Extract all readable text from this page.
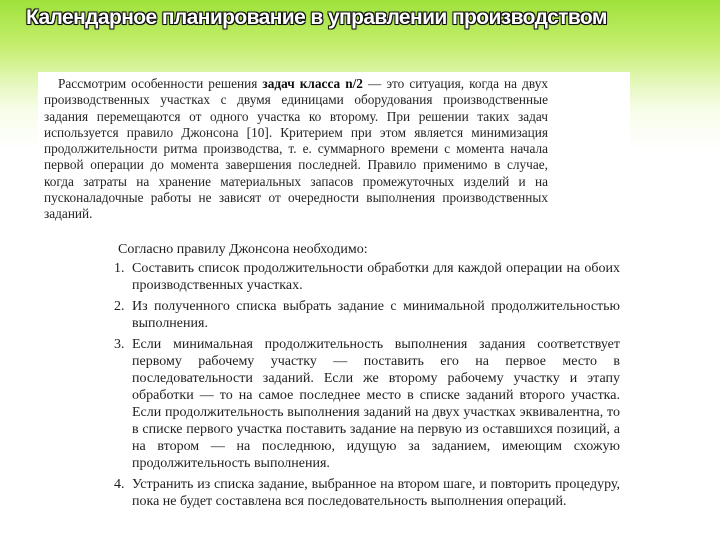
Календарное планирование в управлении производством

Рассмотрим особенности решения задач класса n/2 — это ситуация, когда на двух производственных участках с двумя единицами оборудования производственные задания перемещаются от одного участка ко второму. При решении таких задач используется правило Джонсона [10]. Критерием при этом является минимизация продолжительности ритма производства, т. е. суммарного времени с момента начала первой операции до момента завершения последней. Правило применимо в случае, когда затраты на хранение материальных запасов промежуточных изделий и на пусконаладочные работы не зависят от очередности выполнения производственных заданий.

Согласно правилу Джонсона необходимо:

1. Составить список продолжительности обработки для каждой операции на обоих производственных участках.
2. Из полученного списка выбрать задание с минимальной продолжительностью выполнения.
3. Если минимальная продолжительность выполнения задания соответствует первому рабочему участку — поставить его на первое место в последовательности заданий. Если же второму рабочему участку и этапу обработки — то на самое последнее место в списке заданий второго участка. Если продолжительность выполнения заданий на двух участках эквивалентна, то в списке первого участка поставить задание на первую из оставшихся позиций, а на втором — на последнюю, идущую за заданием, имеющим схожую продолжительность выполнения.
4. Устранить из списка задание, выбранное на втором шаге, и повторить процедуру, пока не будет составлена вся последовательность выполнения операций.
